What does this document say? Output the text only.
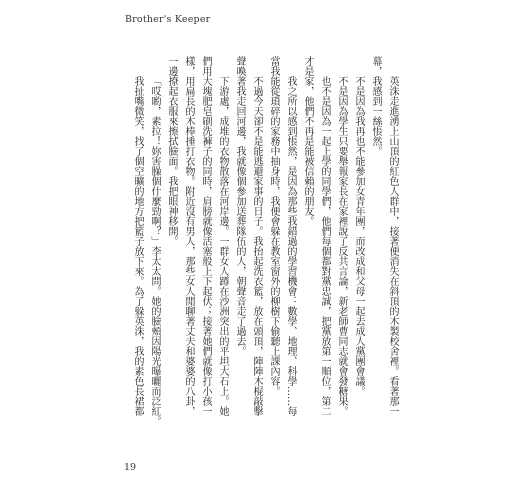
Brother's Keeper
英洙走進湧上山頂的紅色人群中，接著便消失在斜頂的木製校舍裡。看著那一
幕，我感到一絲悵然。
不是因為我再也不能參加女青年團，而改成和父母一起去成人黨團會議。
不是因為學生只要舉報家長在家裡說了反共言論，新老師曹同志就會發糖果。
也不是因為一起上學的同學們，他們每個都對黨忠誠，把黨放第一順位，第二
才是家，他們不再是能被信賴的朋友。
我之所以感到悵然，是因為那些我錯過的學習機會：數學、地理、科學……每
當我能從瑣碎的家務中抽身時，我便會躲在教室窗外的柳樹下偷聽上課內容。
不過今天卻不是能逃避家事的日子。我抬起洗衣籃，放在頭頂，陣陣木棍敲擊
聲喚著我走回河邊，我就像個參加送葬隊伍的人，朝聲音走了過去。
下游處，成堆的衣物散落在河岸邊。一群女人蹲在沙洲突出的平坦大石上。她
們用大塊肥皂刷洗褲子的同時，肩膀就像活塞般上下起伏；接著她們就像打小孩一
樣，用扁長的木棒捶打衣物。附近沒有男人，那些女人閒聊著丈夫和婆婆的八卦，
一邊撩起衣服來擦拭臉面。我把眼神移開。
「哎喲，素拉！妳害臊個什麼勁啊？」李太太問。她的臉頰因陽光曝曬而泛紅。
我扯嘴微笑，找了個空曠的地方把籃子放下來。為了躲英洙，我的素色長裙都
19
